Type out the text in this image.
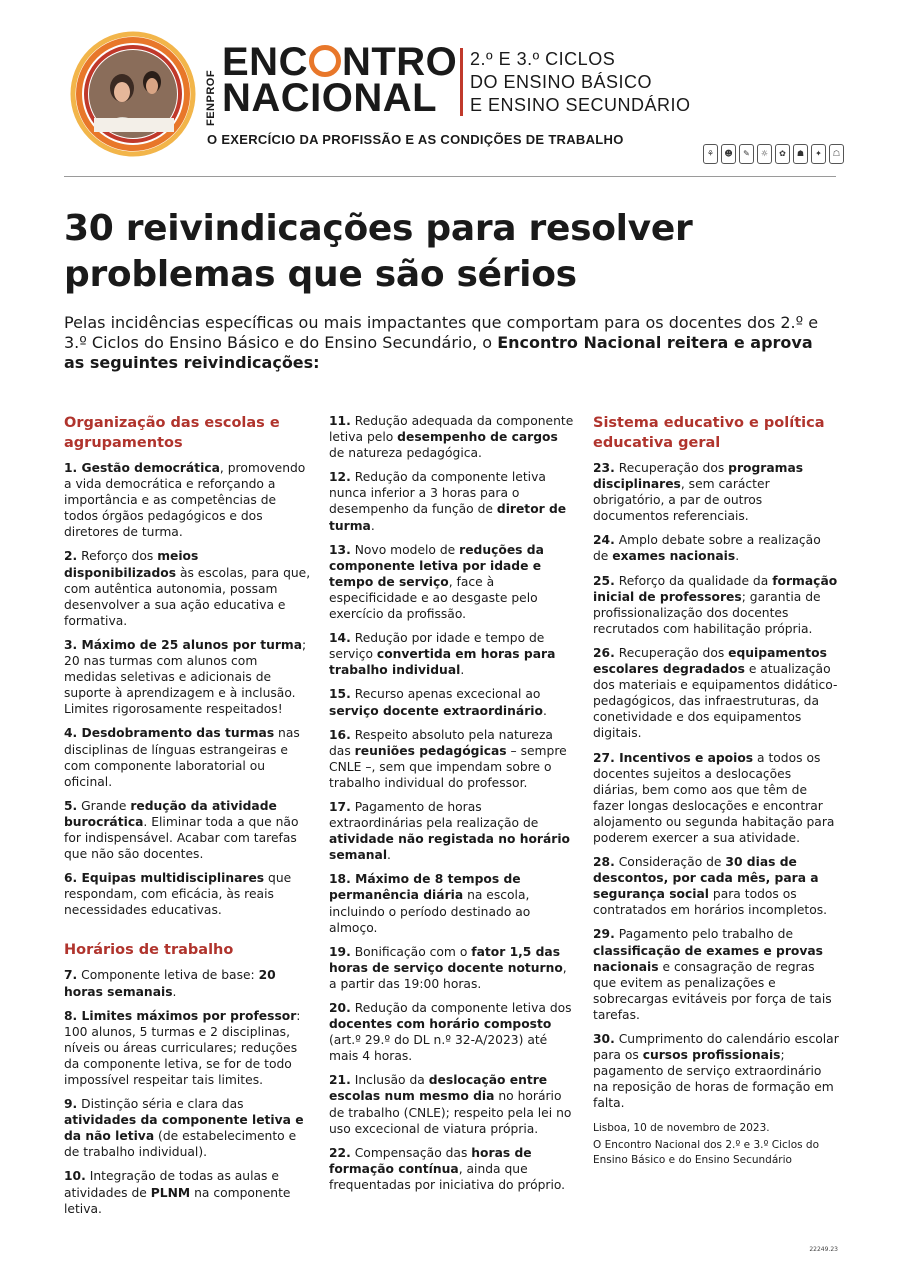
FENPROF
ENC NTRO
NACIONAL
2.º E 3.º CICLOS
DO ENSINO BÁSICO
E ENSINO SECUNDÁRIO
O EXERCÍCIO DA PROFISSÃO E AS CONDIÇÕES DE TRABALHO
⚘	☻	✎	☼	✿	☗	✦	☖
30 reivindicações para resolver
problemas que são sérios
Pelas incidências específicas ou mais impactantes que comportam para os docentes dos 2.º e 3.º Ciclos do Ensino Básico e do Ensino Secundário, o Encontro Nacional reitera e aprova as seguintes reivindicações:
Organização das escolas e agrupamentos
1. Gestão democrática, promovendo a vida democrática e reforçando a importância e as competências de todos órgãos pedagógicos e dos diretores de turma.
2. Reforço dos meios disponibilizados às escolas, para que, com autêntica autonomia, possam desenvolver a sua ação educativa e formativa.
3. Máximo de 25 alunos por turma; 20 nas turmas com alunos com medidas seletivas e adicionais de suporte à aprendizagem e à inclusão. Limites rigorosamente respeitados!
4. Desdobramento das turmas nas disciplinas de línguas estrangeiras e com componente laboratorial ou oficinal.
5. Grande redução da atividade burocrática. Eliminar toda a que não for indispensável. Acabar com tarefas que não são docentes.
6. Equipas multidisciplinares que respondam, com eficácia, às reais necessidades educativas.
Horários de trabalho
7. Componente letiva de base: 20 horas semanais.
8. Limites máximos por professor: 100 alunos, 5 turmas e 2 disciplinas, níveis ou áreas curriculares; reduções da componente letiva, se for de todo impossível respeitar tais limites.
9. Distinção séria e clara das atividades da componente letiva e da não letiva (de estabelecimento e de trabalho individual).
10. Integração de todas as aulas e atividades de PLNM na componente letiva.
11. Redução adequada da componente letiva pelo desempenho de cargos de natureza pedagógica.
12. Redução da componente letiva nunca inferior a 3 horas para o desempenho da função de diretor de turma.
13. Novo modelo de reduções da componente letiva por idade e tempo de serviço, face à especificidade e ao desgaste pelo exercício da profissão.
14. Redução por idade e tempo de serviço convertida em horas para trabalho individual.
15. Recurso apenas excecional ao serviço docente extraordinário.
16. Respeito absoluto pela natureza das reuniões pedagógicas – sempre CNLE –, sem que impendam sobre o trabalho individual do professor.
17. Pagamento de horas extraordinárias pela realização de atividade não registada no horário semanal.
18. Máximo de 8 tempos de permanência diária na escola, incluindo o período destinado ao almoço.
19. Bonificação com o fator 1,5 das horas de serviço docente noturno, a partir das 19:00 horas.
20. Redução da componente letiva dos docentes com horário composto (art.º 29.º do DL n.º 32-A/2023) até mais 4 horas.
21. Inclusão da deslocação entre escolas num mesmo dia no horário de trabalho (CNLE); respeito pela lei no uso excecional de viatura própria.
22. Compensação das horas de formação contínua, ainda que frequentadas por iniciativa do próprio.
Sistema educativo e política educativa geral
23. Recuperação dos programas disciplinares, sem carácter obrigatório, a par de outros documentos referenciais.
24. Amplo debate sobre a realização de exames nacionais.
25. Reforço da qualidade da formação inicial de professores; garantia de profissionalização dos docentes recrutados com habilitação própria.
26. Recuperação dos equipamentos escolares degradados e atualização dos materiais e equipamentos didático-pedagógicos, das infraestruturas, da conetividade e dos equipamentos digitais.
27. Incentivos e apoios a todos os docentes sujeitos a deslocações diárias, bem como aos que têm de fazer longas deslocações e encontrar alojamento ou segunda habitação para poderem exercer a sua atividade.
28. Consideração de 30 dias de descontos, por cada mês, para a segurança social para todos os contratados em horários incompletos.
29. Pagamento pelo trabalho de classificação de exames e provas nacionais e consagração de regras que evitem as penalizações e sobrecargas evitáveis por força de tais tarefas.
30. Cumprimento do calendário escolar para os cursos profissionais; pagamento de serviço extraordinário na reposição de horas de formação em falta.
Lisboa, 10 de novembro de 2023.
O Encontro Nacional dos 2.º e 3.º Ciclos do Ensino Básico e do Ensino Secundário
22249.23
